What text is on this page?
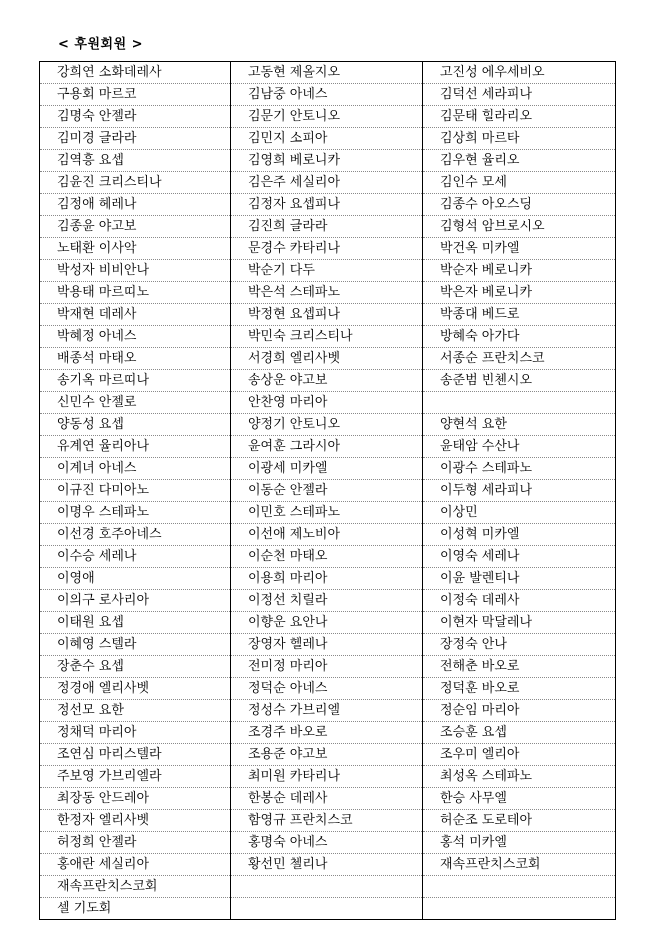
< 후원회원 >
강희연 소화데레사	고동현 제올지오	고진성 에우세비오
구용회 마르코	김남중 아네스	김덕선 세라피나
김명숙 안젤라	김문기 안토니오	김문태 힐라리오
김미경 글라라	김민지 소피아	김상희 마르타
김역흥 요셉	김영희 베로니카	김우현 율리오
김윤진 크리스티나	김은주 세실리아	김인수 모세
김정애 헤레나	김정자 요셉피나	김종수 아오스딩
김종윤 야고보	김진희 글라라	김형석 암브로시오
노태환 이사악	문경수 카타리나	박건옥 미카엘
박성자 비비안나	박순기 다두	박순자 베로니카
박용태 마르띠노	박은석 스테파노	박은자 베로니카
박재현 데레사	박정현 요셉피나	박종대 베드로
박혜정 아네스	박민숙 크리스티나	방혜숙 아가다
배종석 마태오	서경희 엘리사벳	서종순 프란치스코
송기옥 마르띠나	송상운 야고보	송준범 빈첸시오
신민수 안젤로	안찬영 마리아	
양동성 요셉	양정기 안토니오	양현석 요한
유계연 율리아나	윤여훈 그라시아	윤태암 수산나
이계녀 아네스	이광세 미카엘	이광수 스테파노
이규진 다미아노	이동순 안젤라	이두형 세라피나
이명우 스테파노	이민호 스테파노	이상민
이선경 호주아네스	이선애 제노비아	이성혁 미카엘
이수승 세레나	이순천 마태오	이영숙 세레나
이영애	이용희 마리아	이윤 발렌티나
이의구 로사리아	이정선 치릴라	이정숙 데레사
이태원 요셉	이향운 요안나	이현자 막달레나
이혜영 스텔라	장영자 헬레나	장정숙 안나
장춘수 요셉	전미정 마리아	전해춘 바오로
정경애 엘리사벳	정덕순 아네스	정덕훈 바오로
정선모 요한	정성수 가브리엘	정순임 마리아
정채덕 마리아	조경주 바오로	조승훈 요셉
조연심 마리스텔라	조용준 야고보	조우미 엘리아
주보영 가브리엘라	최미원 카타리나	최성옥 스테파노
최장동 안드레아	한봉순 데레사	한승 사무엘
한정자 엘리사벳	함영규 프란치스코	허순조 도로테아
허정희 안젤라	홍명숙 아네스	홍석 미카엘
홍애란 세실리아	황선민 첼리나	재속프란치스코회
재속프란치스코회		
셀 기도회		
